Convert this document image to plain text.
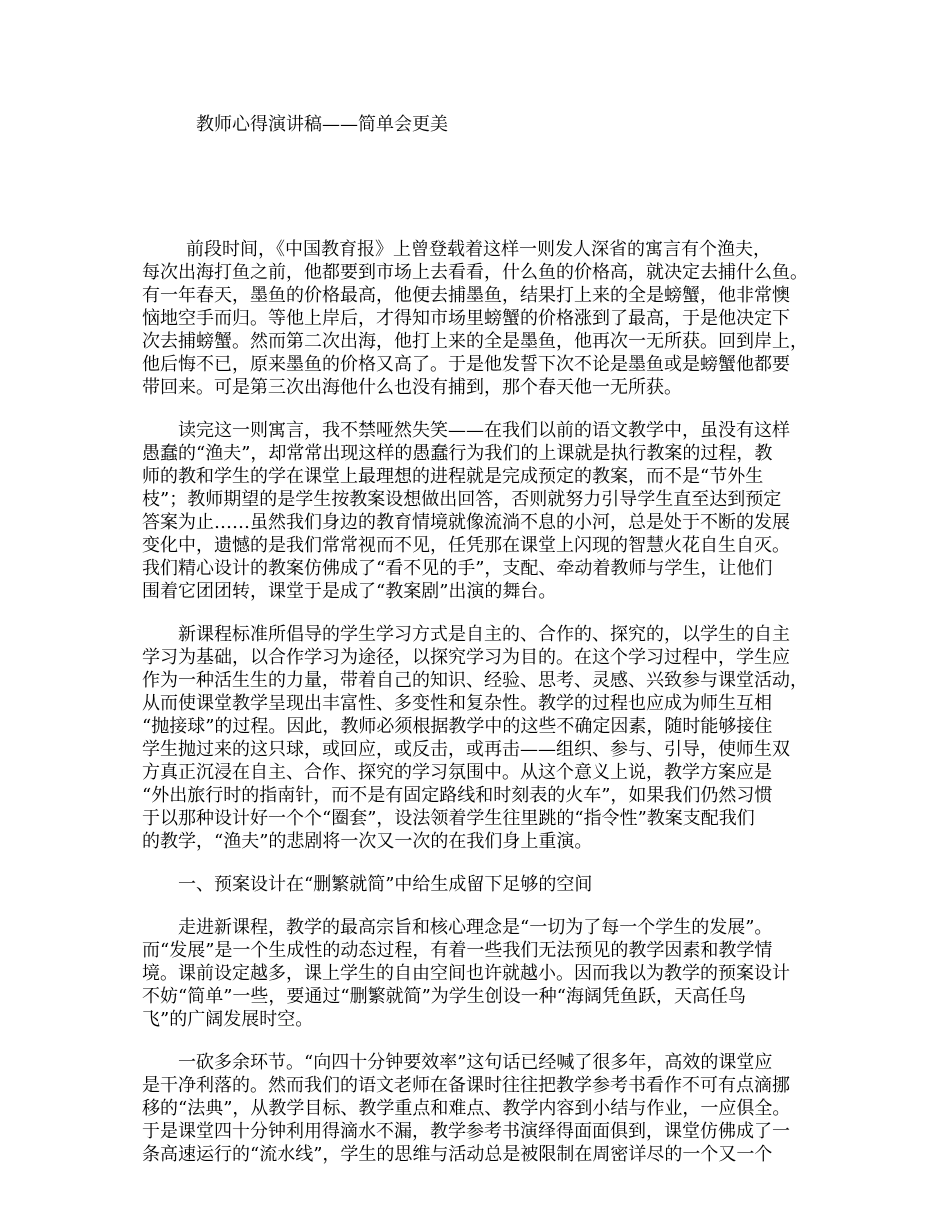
教师心得演讲稿——简单会更美

前段时间，《中国教育报》上曾登载着这样一则发人深省的寓言有个渔夫，
每次出海打鱼之前，他都要到市场上去看看，什么鱼的价格高，就决定去捕什么鱼。
有一年春天，墨鱼的价格最高，他便去捕墨鱼，结果打上来的全是螃蟹，他非常懊
恼地空手而归。等他上岸后，才得知市场里螃蟹的价格涨到了最高，于是他决定下
次去捕螃蟹。然而第二次出海，他打上来的全是墨鱼，他再次一无所获。回到岸上，
他后悔不已，原来墨鱼的价格又高了。于是他发誓下次不论是墨鱼或是螃蟹他都要
带回来。可是第三次出海他什么也没有捕到，那个春天他一无所获。

读完这一则寓言，我不禁哑然失笑——在我们以前的语文教学中，虽没有这样
愚蠢的“渔夫”，却常常出现这样的愚蠢行为我们的上课就是执行教案的过程，教
师的教和学生的学在课堂上最理想的进程就是完成预定的教案，而不是“节外生
枝”；教师期望的是学生按教案设想做出回答，否则就努力引导学生直至达到预定
答案为止……虽然我们身边的教育情境就像流淌不息的小河，总是处于不断的发展
变化中，遗憾的是我们常常视而不见，任凭那在课堂上闪现的智慧火花自生自灭。
我们精心设计的教案仿佛成了“看不见的手”，支配、牵动着教师与学生，让他们
围着它团团转，课堂于是成了“教案剧”出演的舞台。

新课程标准所倡导的学生学习方式是自主的、合作的、探究的，以学生的自主
学习为基础，以合作学习为途径，以探究学习为目的。在这个学习过程中，学生应
作为一种活生生的力量，带着自己的知识、经验、思考、灵感、兴致参与课堂活动，
从而使课堂教学呈现出丰富性、多变性和复杂性。教学的过程也应成为师生互相
“抛接球”的过程。因此，教师必须根据教学中的这些不确定因素，随时能够接住
学生抛过来的这只球，或回应，或反击，或再击——组织、参与、引导，使师生双
方真正沉浸在自主、合作、探究的学习氛围中。从这个意义上说，教学方案应是
“外出旅行时的指南针，而不是有固定路线和时刻表的火车”，如果我们仍然习惯
于以那种设计好一个个“圈套”，设法领着学生往里跳的“指令性”教案支配我们
的教学，“渔夫”的悲剧将一次又一次的在我们身上重演。

一、预案设计在“删繁就简”中给生成留下足够的空间

走进新课程，教学的最高宗旨和核心理念是“一切为了每一个学生的发展”。
而“发展”是一个生成性的动态过程，有着一些我们无法预见的教学因素和教学情
境。课前设定越多，课上学生的自由空间也许就越小。因而我以为教学的预案设计
不妨“简单”一些，要通过“删繁就简”为学生创设一种“海阔凭鱼跃，天高任鸟
飞”的广阔发展时空。

一砍多余环节。“向四十分钟要效率”这句话已经喊了很多年，高效的课堂应
是干净利落的。然而我们的语文老师在备课时往往把教学参考书看作不可有点滴挪
移的“法典”，从教学目标、教学重点和难点、教学内容到小结与作业，一应俱全。
于是课堂四十分钟利用得滴水不漏，教学参考书演绎得面面俱到，课堂仿佛成了一
条高速运行的“流水线”，学生的思维与活动总是被限制在周密详尽的一个又一个
